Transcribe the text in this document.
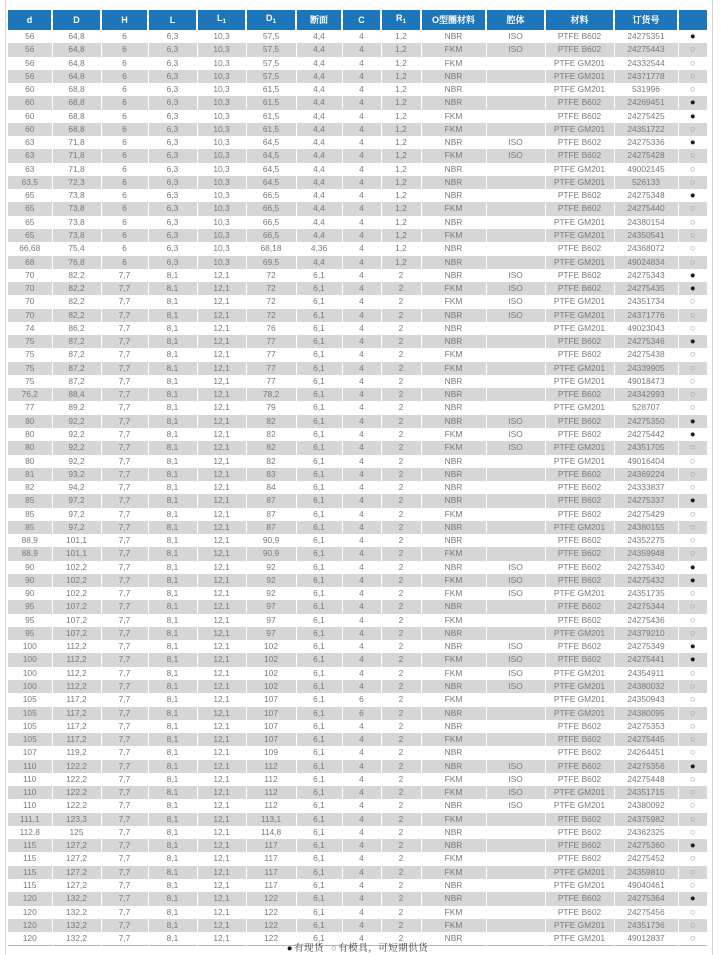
d	D	H	L	$L_1$	$D_1$	断面	C	$R_1$	O型圈材料	腔体	材料	订货号	
56	64,8	6	6,3	10,3	57,5	4,4	4	1,2	NBR	ISO	PTFE B602	24275351	●
56	64,8	6	6,3	10,3	57,5	4,4	4	1,2	FKM	ISO	PTFE B602	24275443	○
56	64,8	6	6,3	10,3	57,5	4,4	4	1,2	FKM		PTFE GM201	24332544	○
56	64,8	6	6,3	10,3	57,5	4,4	4	1,2	NBR		PTFE GM201	24371778	○
60	68,8	6	6,3	10,3	61,5	4,4	4	1,2	NBR		PTFE GM201	531996	○
60	68,8	6	6,3	10,3	61,5	4,4	4	1,2	NBR		PTFE B602	24269451	●
60	68,8	6	6,3	10,3	61,5	4,4	4	1,2	FKM		PTFE B602	24275425	●
60	68,8	6	6,3	10,3	61,5	4,4	4	1,2	FKM		PTFE GM201	24351722	○
63	71,8	6	6,3	10,3	64,5	4,4	4	1,2	NBR	ISO	PTFE B602	24275336	●
63	71,8	6	6,3	10,3	64,5	4,4	4	1,2	FKM	ISO	PTFE B602	24275428	○
63	71,8	6	6,3	10,3	64,5	4,4	4	1,2	NBR		PTFE GM201	49002145	○
63,5	72,3	6	6,3	10,3	64,5	4,4	4	1,2	NBR		PTFE GM201	526133	○
65	73,8	6	6,3	10,3	66,5	4,4	4	1,2	NBR		PTFE B602	24275348	●
65	73,8	6	6,3	10,3	66,5	4,4	4	1,2	FKM		PTFE B602	24275440	○
65	73,8	6	6,3	10,3	66,5	4,4	4	1,2	NBR		PTFE GM201	24380154	○
65	73,8	6	6,3	10,3	66,5	4,4	4	1,2	FKM		PTFE GM201	24350541	○
66,68	75,4	6	6,3	10,3	68,18	4,36	4	1,2	NBR		PTFE B602	24368072	○
68	76,8	6	6,3	10,3	69,5	4,4	4	1,2	NBR		PTFE GM201	49024834	○
70	82,2	7,7	8,1	12,1	72	6,1	4	2	NBR	ISO	PTFE B602	24275343	●
70	82,2	7,7	8,1	12,1	72	6,1	4	2	FKM	ISO	PTFE B602	24275435	●
70	82,2	7,7	8,1	12,1	72	6,1	4	2	FKM	ISO	PTFE GM201	24351734	○
70	82,2	7,7	8,1	12,1	72	6,1	4	2	NBR	ISO	PTFE GM201	24371776	○
74	86,2	7,7	8,1	12,1	76	6,1	4	2	NBR		PTFE GM201	49023043	○
75	87,2	7,7	8,1	12,1	77	6,1	4	2	NBR		PTFE B602	24275346	●
75	87,2	7,7	8,1	12,1	77	6,1	4	2	FKM		PTFE B602	24275438	○
75	87,2	7,7	8,1	12,1	77	6,1	4	2	FKM		PTFE GM201	24339905	○
75	87,2	7,7	8,1	12,1	77	6,1	4	2	NBR		PTFE GM201	49018473	○
76,2	88,4	7,7	8,1	12,1	78,2	6,1	4	2	NBR		PTFE B602	24342993	○
77	89,2	7,7	8,1	12,1	79	6,1	4	2	NBR		PTFE GM201	528707	○
80	92,2	7,7	8,1	12,1	82	6,1	4	2	NBR	ISO	PTFE B602	24275350	●
80	92,2	7,7	8,1	12,1	82	6,1	4	2	FKM	ISO	PTFE B602	24275442	●
80	92,2	7,7	8,1	12,1	82	6,1	4	2	FKM	ISO	PTFE GM201	24351705	○
80	92,2	7,7	8,1	12,1	82	6,1	4	2	NBR		PTFE GM201	49016404	○
81	93,2	7,7	8,1	12,1	83	6,1	4	2	NBR		PTFE B602	24369224	○
82	94,2	7,7	8,1	12,1	84	6,1	4	2	NBR		PTFE B602	24333837	○
85	97,2	7,7	8,1	12,1	87	6,1	4	2	NBR		PTFE B602	24275337	●
85	97,2	7,7	8,1	12,1	87	6,1	4	2	FKM		PTFE B602	24275429	○
85	97,2	7,7	8,1	12,1	87	6,1	4	2	NBR		PTFE GM201	24380155	○
88,9	101,1	7,7	8,1	12,1	90,9	6,1	4	2	NBR		PTFE B602	24352275	○
88,9	101,1	7,7	8,1	12,1	90,9	6,1	4	2	FKM		PTFE B602	24359948	○
90	102,2	7,7	8,1	12,1	92	6,1	4	2	NBR	ISO	PTFE B602	24275340	●
90	102,2	7,7	8,1	12,1	92	6,1	4	2	FKM	ISO	PTFE B602	24275432	●
90	102,2	7,7	8,1	12,1	92	6,1	4	2	FKM	ISO	PTFE GM201	24351735	○
95	107,2	7,7	8,1	12,1	97	6,1	4	2	NBR		PTFE B602	24275344	○
95	107,2	7,7	8,1	12,1	97	6,1	4	2	FKM		PTFE B602	24275436	○
95	107,2	7,7	8,1	12,1	97	6,1	4	2	NBR		PTFE GM201	24379210	○
100	112,2	7,7	8,1	12,1	102	6,1	4	2	NBR	ISO	PTFE B602	24275349	●
100	112,2	7,7	8,1	12,1	102	6,1	4	2	FKM	ISO	PTFE B602	24275441	●
100	112,2	7,7	8,1	12,1	102	6,1	4	2	FKM	ISO	PTFE GM201	24354911	○
100	112,2	7,7	8,1	12,1	102	6,1	4	2	NBR	ISO	PTFE GM201	24380032	○
105	117,2	7,7	8,1	12,1	107	6,1	6	2	FKM		PTFE GM201	24350943	○
105	117,2	7,7	8,1	12,1	107	6,1	6	2	NBR		PTFE GM201	24380095	○
105	117,2	7,7	8,1	12,1	107	6,1	4	2	NBR		PTFE B602	24275353	○
105	117,2	7,7	8,1	12,1	107	6,1	4	2	FKM		PTFE B602	24275445	○
107	119,2	7,7	8,1	12,1	109	6,1	4	2	NBR		PTFE B602	24264451	○
110	122,2	7,7	8,1	12,1	112	6,1	4	2	NBR	ISO	PTFE B602	24275356	●
110	122,2	7,7	8,1	12,1	112	6,1	4	2	FKM	ISO	PTFE B602	24275448	○
110	122,2	7,7	8,1	12,1	112	6,1	4	2	FKM	ISO	PTFE GM201	24351715	○
110	122,2	7,7	8,1	12,1	112	6,1	4	2	NBR	ISO	PTFE GM201	24380092	○
111,1	123,3	7,7	8,1	12,1	113,1	6,1	4	2	FKM		PTFE B602	24375982	○
112,8	125	7,7	8,1	12,1	114,8	6,1	4	2	NBR		PTFE B602	24362325	○
115	127,2	7,7	8,1	12,1	117	6,1	4	2	NBR		PTFE B602	24275360	●
115	127,2	7,7	8,1	12,1	117	6,1	4	2	FKM		PTFE B602	24275452	○
115	127,2	7,7	8,1	12,1	117	6,1	4	2	FKM		PTFE GM201	24359810	○
115	127,2	7,7	8,1	12,1	117	6,1	4	2	NBR		PTFE GM201	49040461	○
120	132,2	7,7	8,1	12,1	122	6,1	4	2	NBR		PTFE B602	24275364	●
120	132,2	7,7	8,1	12,1	122	6,1	4	2	FKM		PTFE B602	24275456	○
120	132,2	7,7	8,1	12,1	122	6,1	4	2	FKM		PTFE GM201	24351736	○
120	132,2	7,7	8,1	12,1	122	6,1	4	2	NBR		PTFE GM201	49012837	○
●有现货 ○有模具，可短期供货
